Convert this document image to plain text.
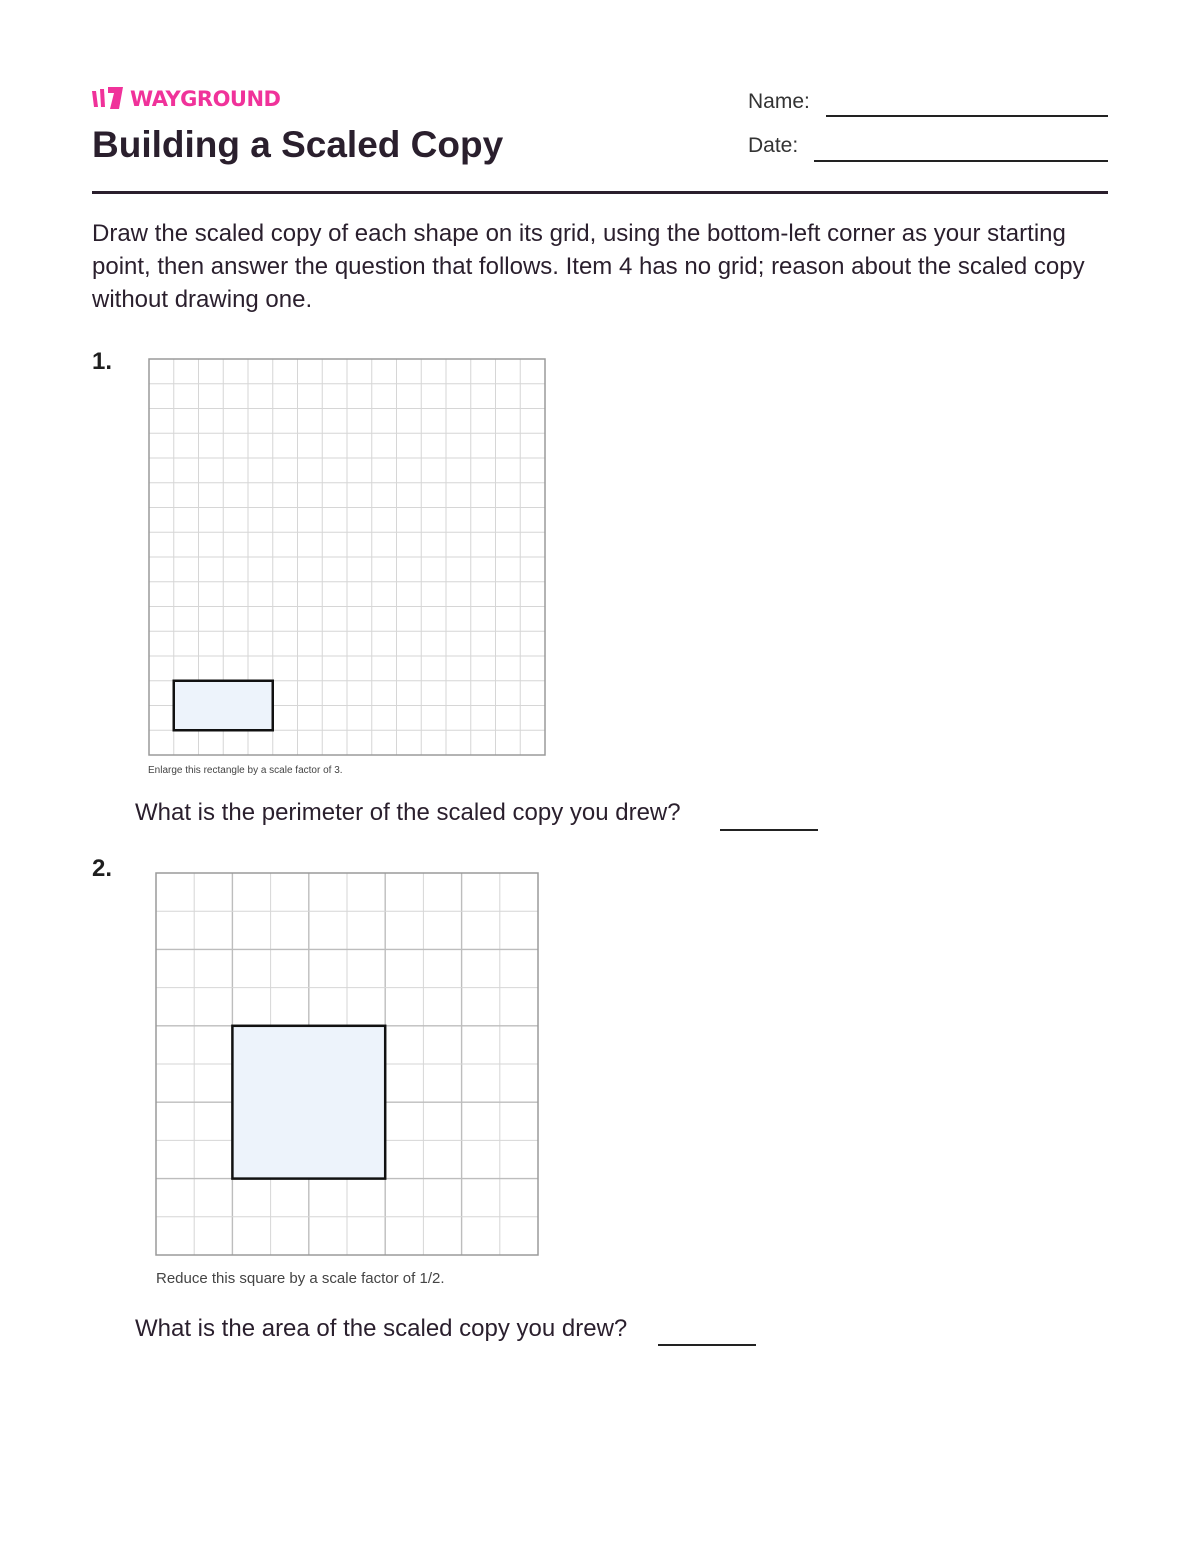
WAYGROUND
Building a Scaled Copy
Name:
Date:

Draw the scaled copy of each shape on its grid, using the bottom-left corner as your starting point, then answer the question that follows. Item 4 has no grid; reason about the scaled copy without drawing one.

1.
Enlarge this rectangle by a scale factor of 3.
What is the perimeter of the scaled copy you drew?
2.
Reduce this square by a scale factor of 1/2.
What is the area of the scaled copy you drew?
